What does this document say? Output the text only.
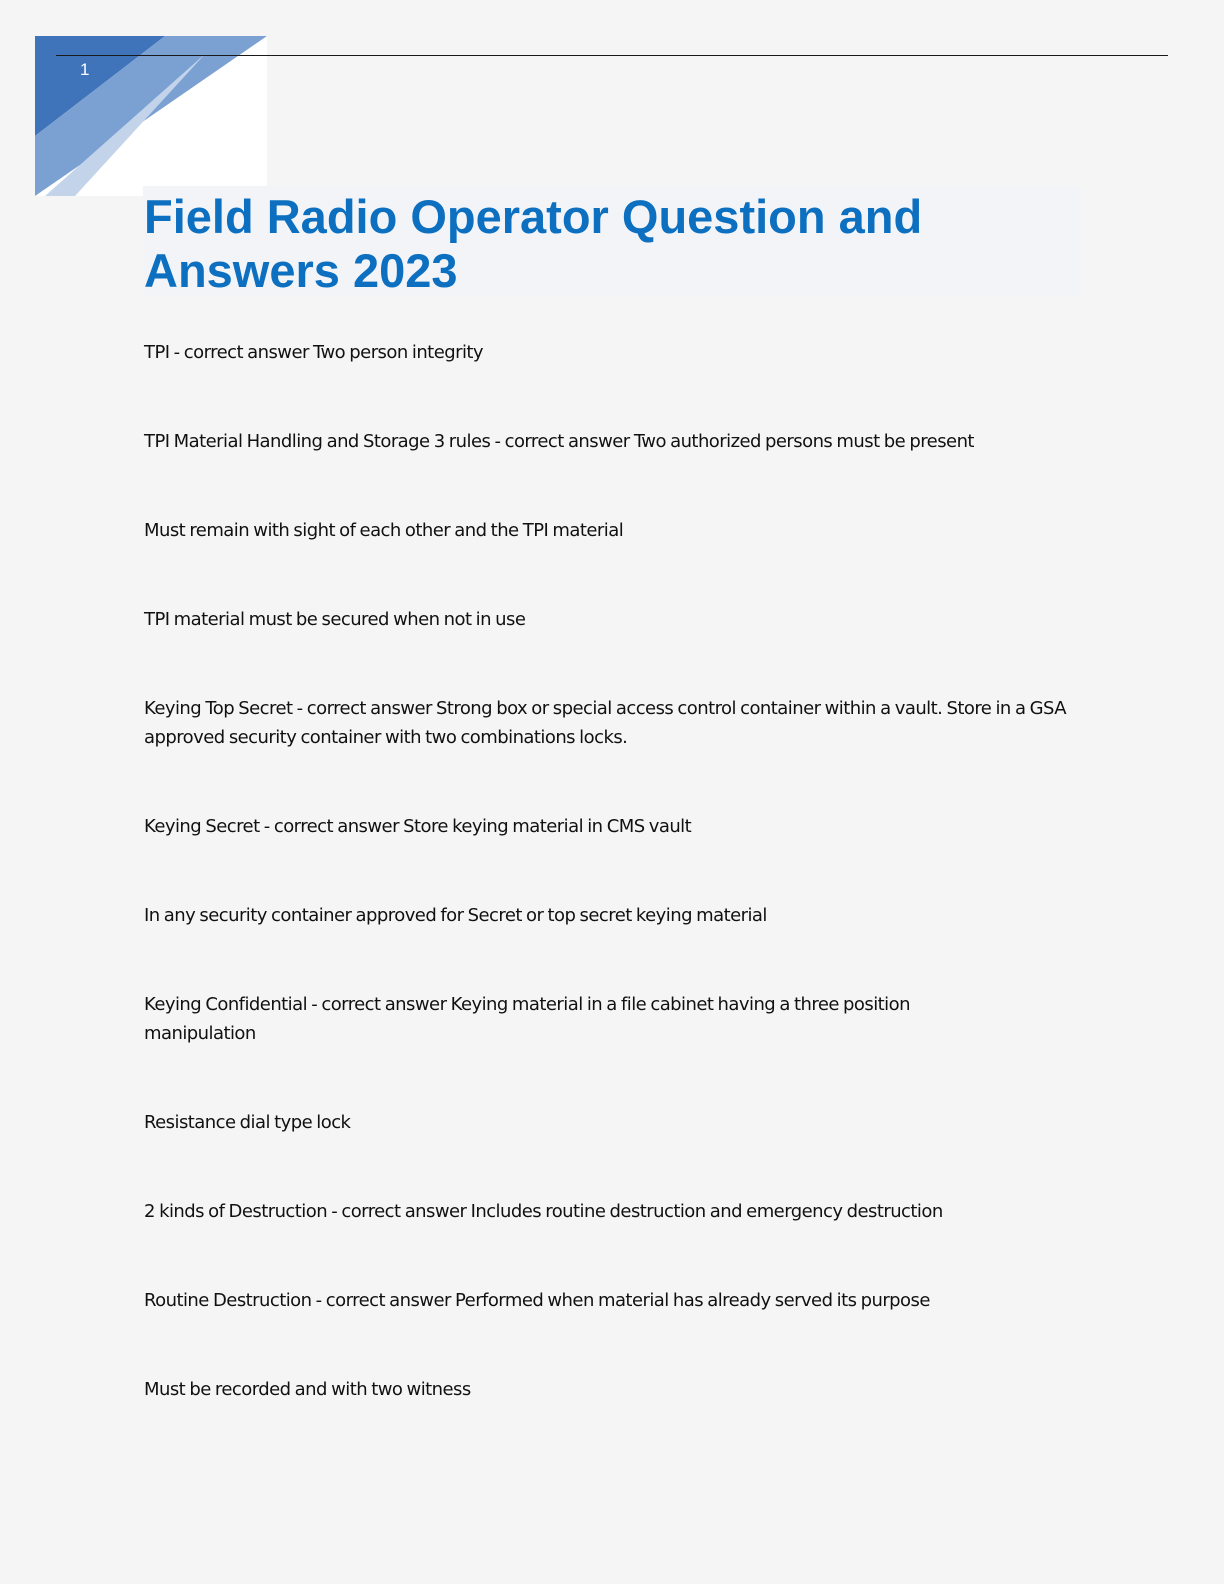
1
Field Radio Operator Question and Answers 2023

TPI - correct answer Two person integrity

TPI Material Handling and Storage 3 rules - correct answer Two authorized persons must be present

Must remain with sight of each other and the TPI material

TPI material must be secured when not in use

Keying Top Secret - correct answer Strong box or special access control container within a vault. Store in a GSA approved security container with two combinations locks.

Keying Secret - correct answer Store keying material in CMS vault

In any security container approved for Secret or top secret keying material

Keying Confidential - correct answer Keying material in a file cabinet having a three position manipulation

Resistance dial type lock

2 kinds of Destruction - correct answer Includes routine destruction and emergency destruction

Routine Destruction - correct answer Performed when material has already served its purpose

Must be recorded and with two witness
